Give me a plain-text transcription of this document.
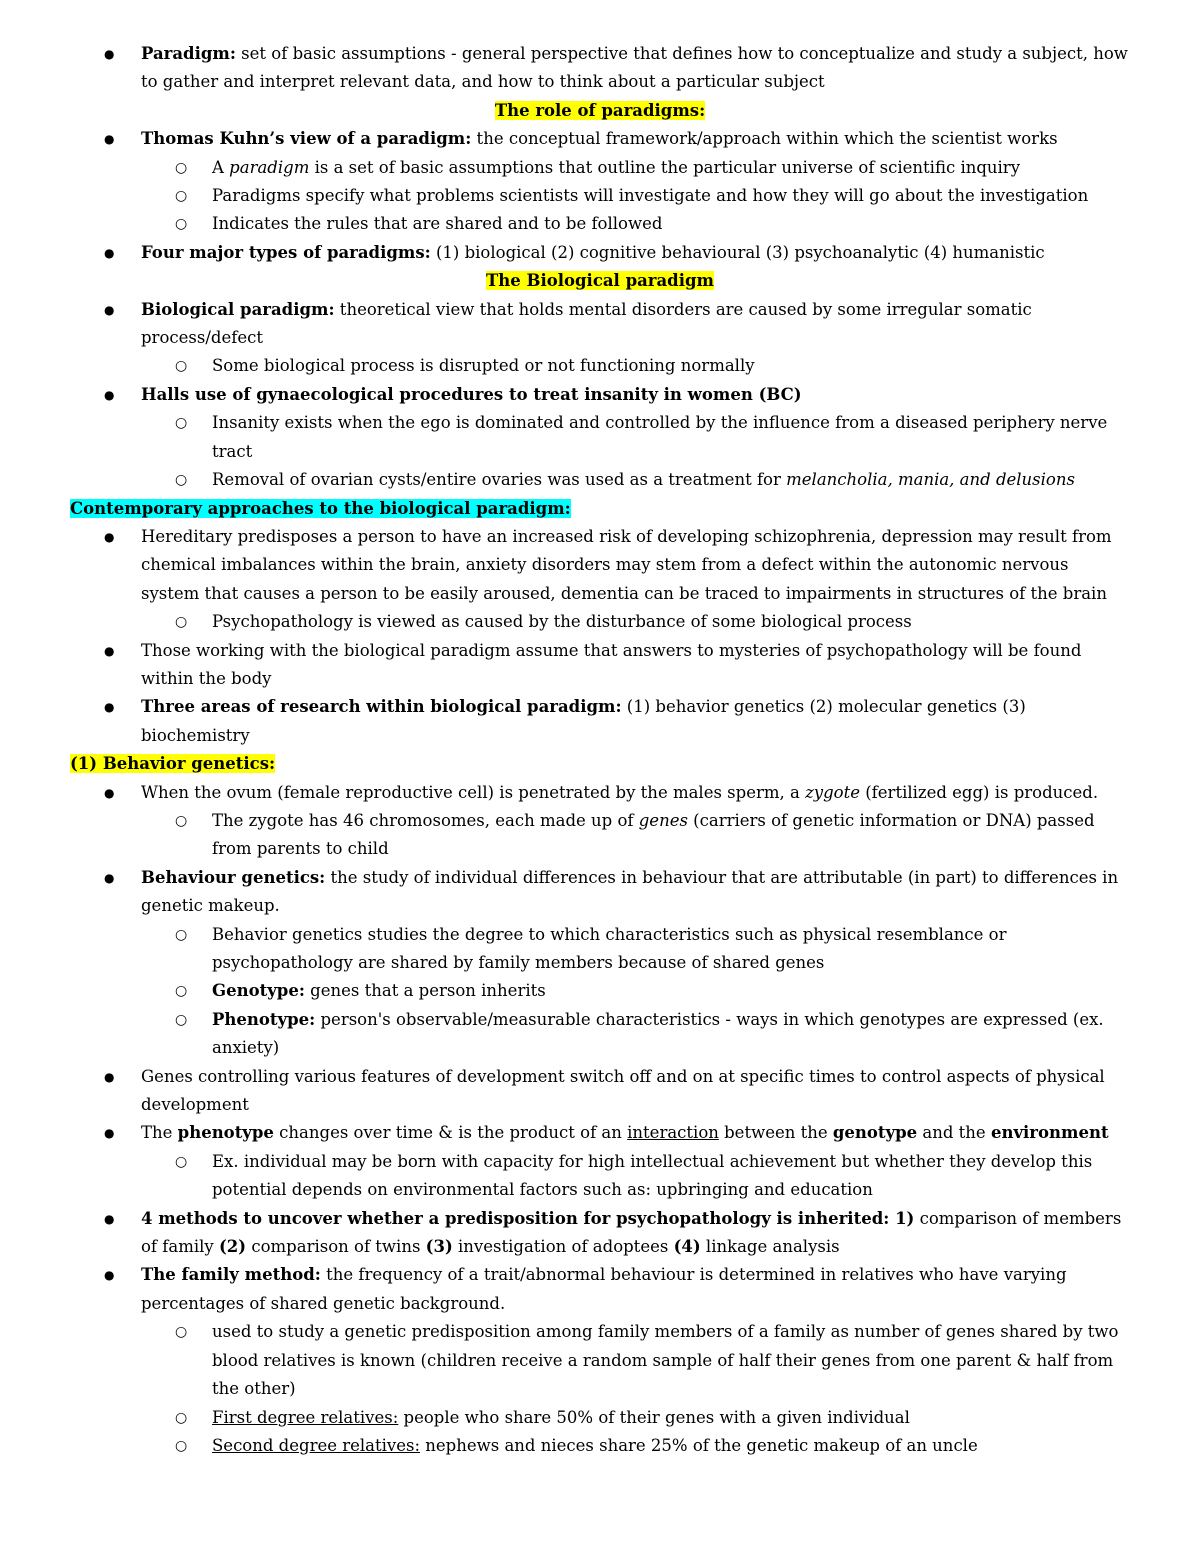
● Paradigm: set of basic assumptions - general perspective that defines how to conceptualize and study a subject, how to gather and interpret relevant data, and how to think about a particular subject
The role of paradigms:
● Thomas Kuhn’s view of a paradigm: the conceptual framework/approach within which the scientist works
○ A paradigm is a set of basic assumptions that outline the particular universe of scientific inquiry
○ Paradigms specify what problems scientists will investigate and how they will go about the investigation
○ Indicates the rules that are shared and to be followed
● Four major types of paradigms: (1) biological (2) cognitive behavioural (3) psychoanalytic (4) humanistic
The Biological paradigm
● Biological paradigm: theoretical view that holds mental disorders are caused by some irregular somatic process/defect
○ Some biological process is disrupted or not functioning normally
● Halls use of gynaecological procedures to treat insanity in women (BC)
○ Insanity exists when the ego is dominated and controlled by the influence from a diseased periphery nerve tract
○ Removal of ovarian cysts/entire ovaries was used as a treatment for melancholia, mania, and delusions
Contemporary approaches to the biological paradigm:
● Hereditary predisposes a person to have an increased risk of developing schizophrenia, depression may result from chemical imbalances within the brain, anxiety disorders may stem from a defect within the autonomic nervous system that causes a person to be easily aroused, dementia can be traced to impairments in structures of the brain
○ Psychopathology is viewed as caused by the disturbance of some biological process
● Those working with the biological paradigm assume that answers to mysteries of psychopathology will be found within the body
● Three areas of research within biological paradigm: (1) behavior genetics (2) molecular genetics (3) biochemistry
(1) Behavior genetics:
● When the ovum (female reproductive cell) is penetrated by the males sperm, a zygote (fertilized egg) is produced.
○ The zygote has 46 chromosomes, each made up of genes (carriers of genetic information or DNA) passed from parents to child
● Behaviour genetics: the study of individual differences in behaviour that are attributable (in part) to differences in genetic makeup.
○ Behavior genetics studies the degree to which characteristics such as physical resemblance or psychopathology are shared by family members because of shared genes
○ Genotype: genes that a person inherits
○ Phenotype: person's observable/measurable characteristics - ways in which genotypes are expressed (ex. anxiety)
● Genes controlling various features of development switch off and on at specific times to control aspects of physical development
● The phenotype changes over time & is the product of an interaction between the genotype and the environment
○ Ex. individual may be born with capacity for high intellectual achievement but whether they develop this potential depends on environmental factors such as: upbringing and education
● 4 methods to uncover whether a predisposition for psychopathology is inherited: 1) comparison of members of family (2) comparison of twins (3) investigation of adoptees (4) linkage analysis
● The family method: the frequency of a trait/abnormal behaviour is determined in relatives who have varying percentages of shared genetic background.
○ used to study a genetic predisposition among family members of a family as number of genes shared by two blood relatives is known (children receive a random sample of half their genes from one parent & half from the other)
○ First degree relatives: people who share 50% of their genes with a given individual
○ Second degree relatives: nephews and nieces share 25% of the genetic makeup of an uncle
